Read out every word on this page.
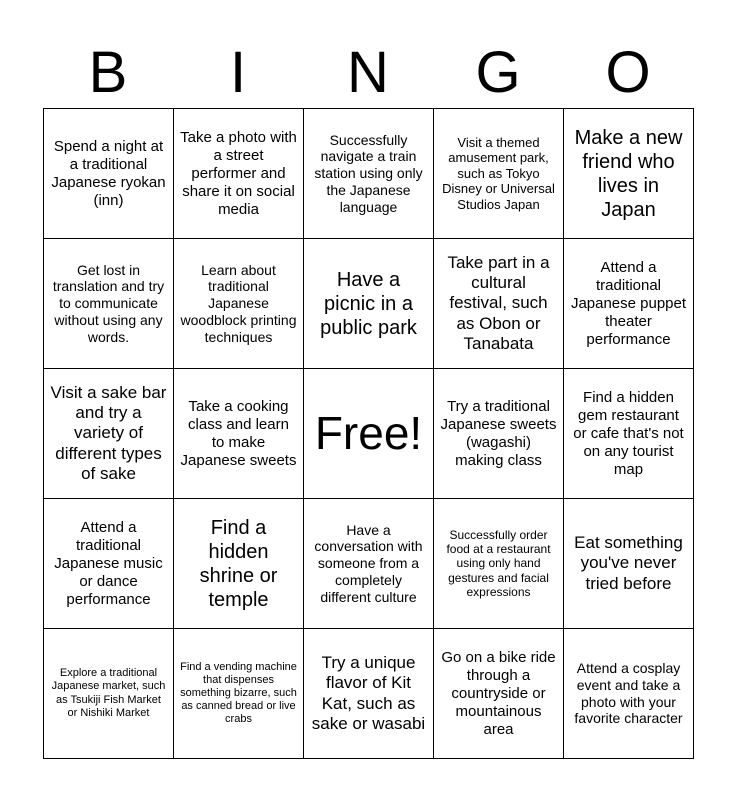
B	I	N	G	O
Spend a night at a traditional Japanese ryokan (inn)	Take a photo with a street performer and share it on social media	Successfully navigate a train station using only the Japanese language	Visit a themed amusement park, such as Tokyo Disney or Universal Studios Japan	Make a new friend who lives in Japan
Get lost in translation and try to communicate without using any words.	Learn about traditional Japanese woodblock printing techniques	Have a picnic in a public park	Take part in a cultural festival, such as Obon or Tanabata	Attend a traditional Japanese puppet theater performance
Visit a sake bar and try a variety of different types of sake	Take a cooking class and learn to make Japanese sweets	Free!	Try a traditional Japanese sweets (wagashi) making class	Find a hidden gem restaurant or cafe that's not on any tourist map
Attend a traditional Japanese music or dance performance	Find a hidden shrine or temple	Have a conversation with someone from a completely different culture	Successfully order food at a restaurant using only hand gestures and facial expressions	Eat something you've never tried before
Explore a traditional Japanese market, such as Tsukiji Fish Market or Nishiki Market	Find a vending machine that dispenses something bizarre, such as canned bread or live crabs	Try a unique flavor of Kit Kat, such as sake or wasabi	Go on a bike ride through a countryside or mountainous area	Attend a cosplay event and take a photo with your favorite character
